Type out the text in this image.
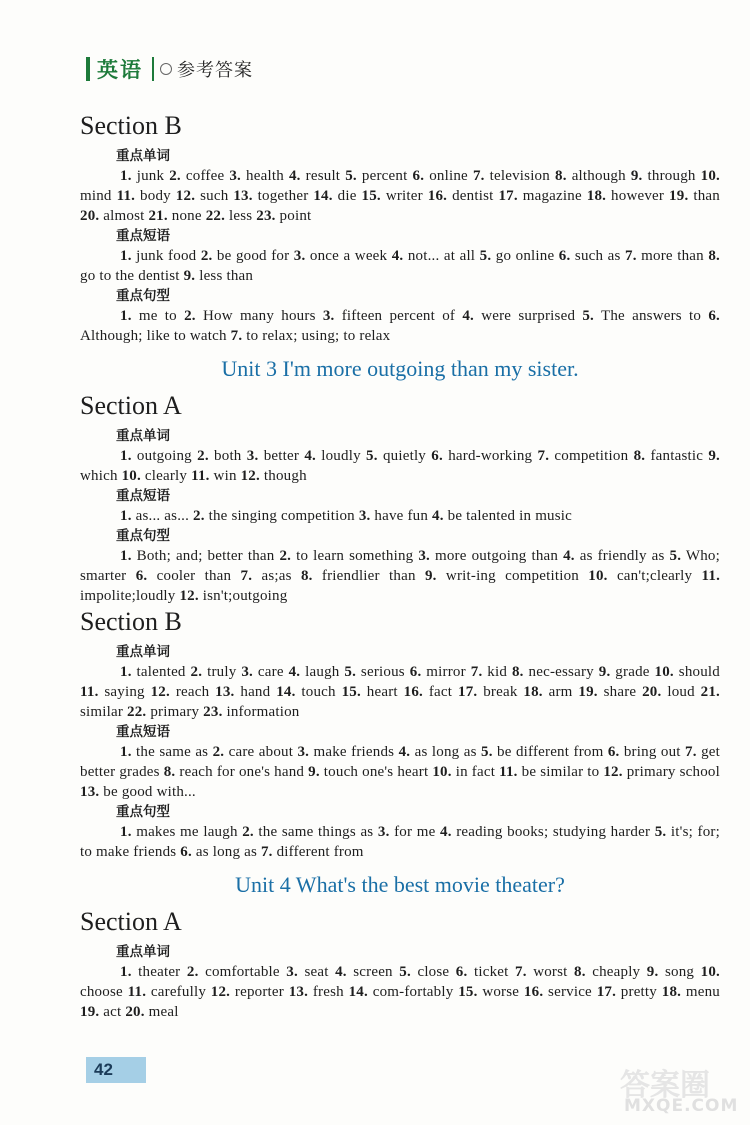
英语 参考答案
Section B
重点单词
1. junk 2. coffee 3. health 4. result 5. percent 6. online 7. television 8. although 9. through 10. mind 11. body 12. such 13. together 14. die 15. writer 16. dentist 17. magazine 18. however 19. than 20. almost 21. none 22. less 23. point
重点短语
1. junk food 2. be good for 3. once a week 4. not... at all 5. go online 6. such as 7. more than 8. go to the dentist 9. less than
重点句型
1. me to 2. How many hours 3. fifteen percent of 4. were surprised 5. The answers to 6. Although; like to watch 7. to relax; using; to relax
Unit 3 I'm more outgoing than my sister.
Section A
重点单词
1. outgoing 2. both 3. better 4. loudly 5. quietly 6. hard-working 7. competition 8. fantastic 9. which 10. clearly 11. win 12. though
重点短语
1. as... as... 2. the singing competition 3. have fun 4. be talented in music
重点句型
1. Both; and; better than 2. to learn something 3. more outgoing than 4. as friendly as 5. Who; smarter 6. cooler than 7. as;as 8. friendlier than 9. writ-ing competition 10. can't;clearly 11. impolite;loudly 12. isn't;outgoing
Section B
重点单词
1. talented 2. truly 3. care 4. laugh 5. serious 6. mirror 7. kid 8. nec-essary 9. grade 10. should 11. saying 12. reach 13. hand 14. touch 15. heart 16. fact 17. break 18. arm 19. share 20. loud 21. similar 22. primary 23. information
重点短语
1. the same as 2. care about 3. make friends 4. as long as 5. be different from 6. bring out 7. get better grades 8. reach for one's hand 9. touch one's heart 10. in fact 11. be similar to 12. primary school 13. be good with...
重点句型
1. makes me laugh 2. the same things as 3. for me 4. reading books; studying harder 5. it's; for; to make friends 6. as long as 7. different from
Unit 4 What's the best movie theater?
Section A
重点单词
1. theater 2. comfortable 3. seat 4. screen 5. close 6. ticket 7. worst 8. cheaply 9. song 10. choose 11. carefully 12. reporter 13. fresh 14. com-fortably 15. worse 16. service 17. pretty 18. menu 19. act 20. meal
42	答案圈
MXQE.COM
